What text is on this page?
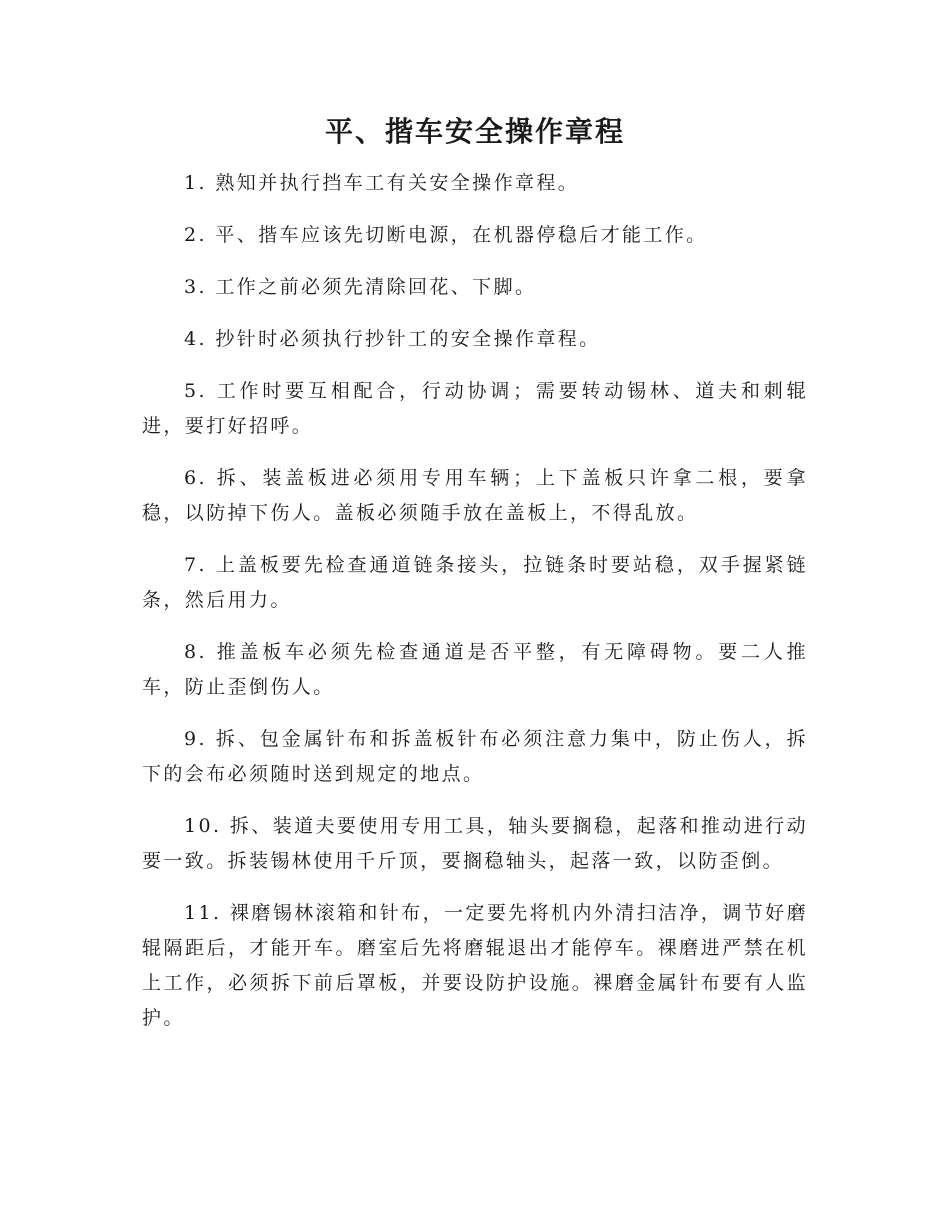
平、揩车安全操作章程

1. 熟知并执行挡车工有关安全操作章程。

2. 平、揩车应该先切断电源，在机器停稳后才能工作。

3. 工作之前必须先清除回花、下脚。

4. 抄针时必须执行抄针工的安全操作章程。

5. 工作时要互相配合，行动协调；需要转动锡林、道夫和刺辊进，要打好招呼。

6. 拆、装盖板进必须用专用车辆；上下盖板只许拿二根，要拿稳，以防掉下伤人。盖板必须随手放在盖板上，不得乱放。

7. 上盖板要先检查通道链条接头，拉链条时要站稳，双手握紧链条，然后用力。

8. 推盖板车必须先检查通道是否平整，有无障碍物。要二人推车，防止歪倒伤人。

9. 拆、包金属针布和拆盖板针布必须注意力集中，防止伤人，拆下的会布必须随时送到规定的地点。

10. 拆、装道夫要使用专用工具，轴头要搁稳，起落和推动进行动要一致。拆装锡林使用千斤顶，要搁稳轴头，起落一致，以防歪倒。

11. 裸磨锡林滚箱和针布，一定要先将机内外清扫洁净，调节好磨辊隔距后，才能开车。磨室后先将磨辊退出才能停车。裸磨进严禁在机上工作，必须拆下前后罩板，并要设防护设施。裸磨金属针布要有人监护。
